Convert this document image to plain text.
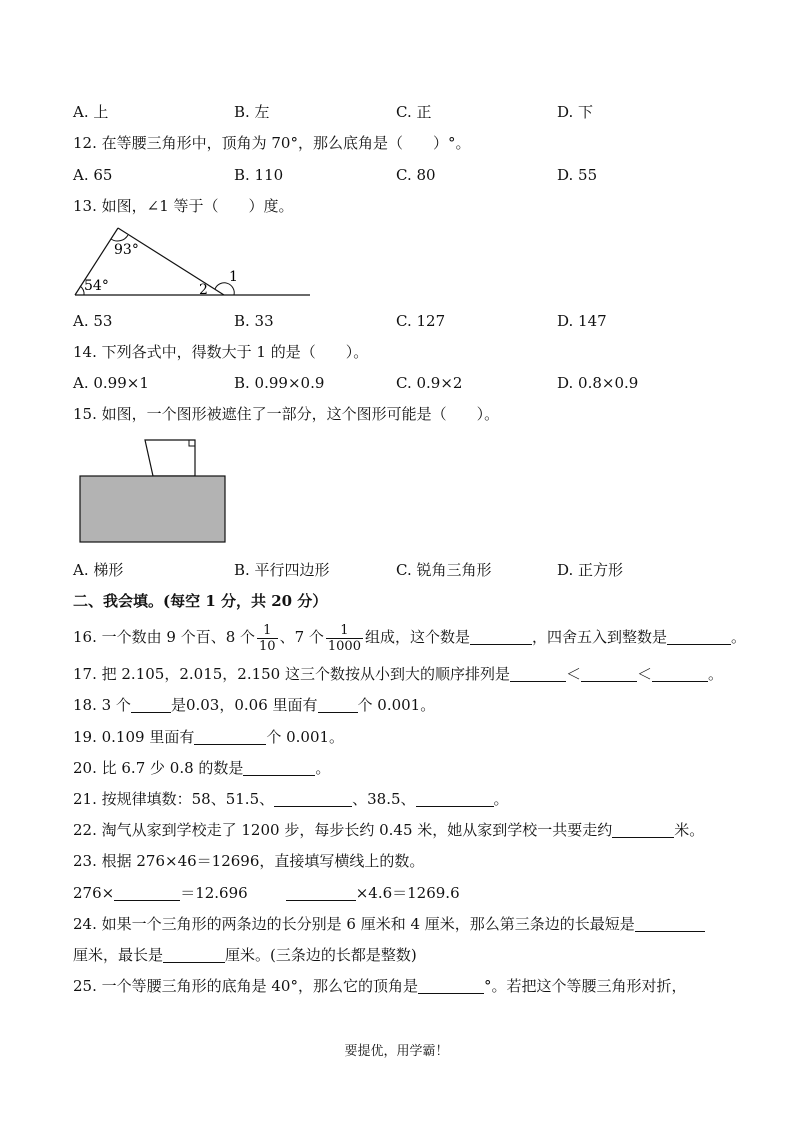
A. 上	B. 左	C. 正	D. 下
12. 在等腰三角形中，顶角为 70°，那么底角是（　　）°。
A. 65	B. 110	C. 80	D. 55
13. 如图，∠1 等于（　　）度。
93°
54°	2
1
A. 53	B. 33	C. 127	D. 147
14. 下列各式中，得数大于 1 的是（　　）。
A. 0.99×1	B. 0.99×0.9	C. 0.9×2	D. 0.8×0.9
15. 如图，一个图形被遮住了一部分，这个图形可能是（　　）。
A. 梯形	B. 平行四边形	C. 锐角三角形	D. 正方形
二、我会填。(每空 1 分，共 20 分）
16. 一个数由 9 个百、8 个 $\frac{1}{10}$ 、7 个 $\frac{1}{1000}$ 组成，这个数是	，四舍五入到整数是	。
17. 把 2.105，2.015，2.150 这三个数按从小到大的顺序排列是	＜	＜	。
18. 3 个	是0.03，0.06 里面有	个 0.001。
19. 0.109 里面有	个 0.001。
20. 比 6.7 少 0.8 的数是	。
21. 按规律填数：58、51.5、	、38.5、	。
22. 淘气从家到学校走了 1200 步，每步长约 0.45 米，她从家到学校一共要走约	米。
23. 根据 276×46＝12696，直接填写横线上的数。
276×	＝12.696	×4.6＝1269.6
24. 如果一个三角形的两条边的长分别是 6 厘米和 4 厘米，那么第三条边的长最短是
厘米，最长是	厘米。(三条边的长都是整数)
25. 一个等腰三角形的底角是 40°，那么它的顶角是	°。若把这个等腰三角形对折，
要提优，用学霸！
